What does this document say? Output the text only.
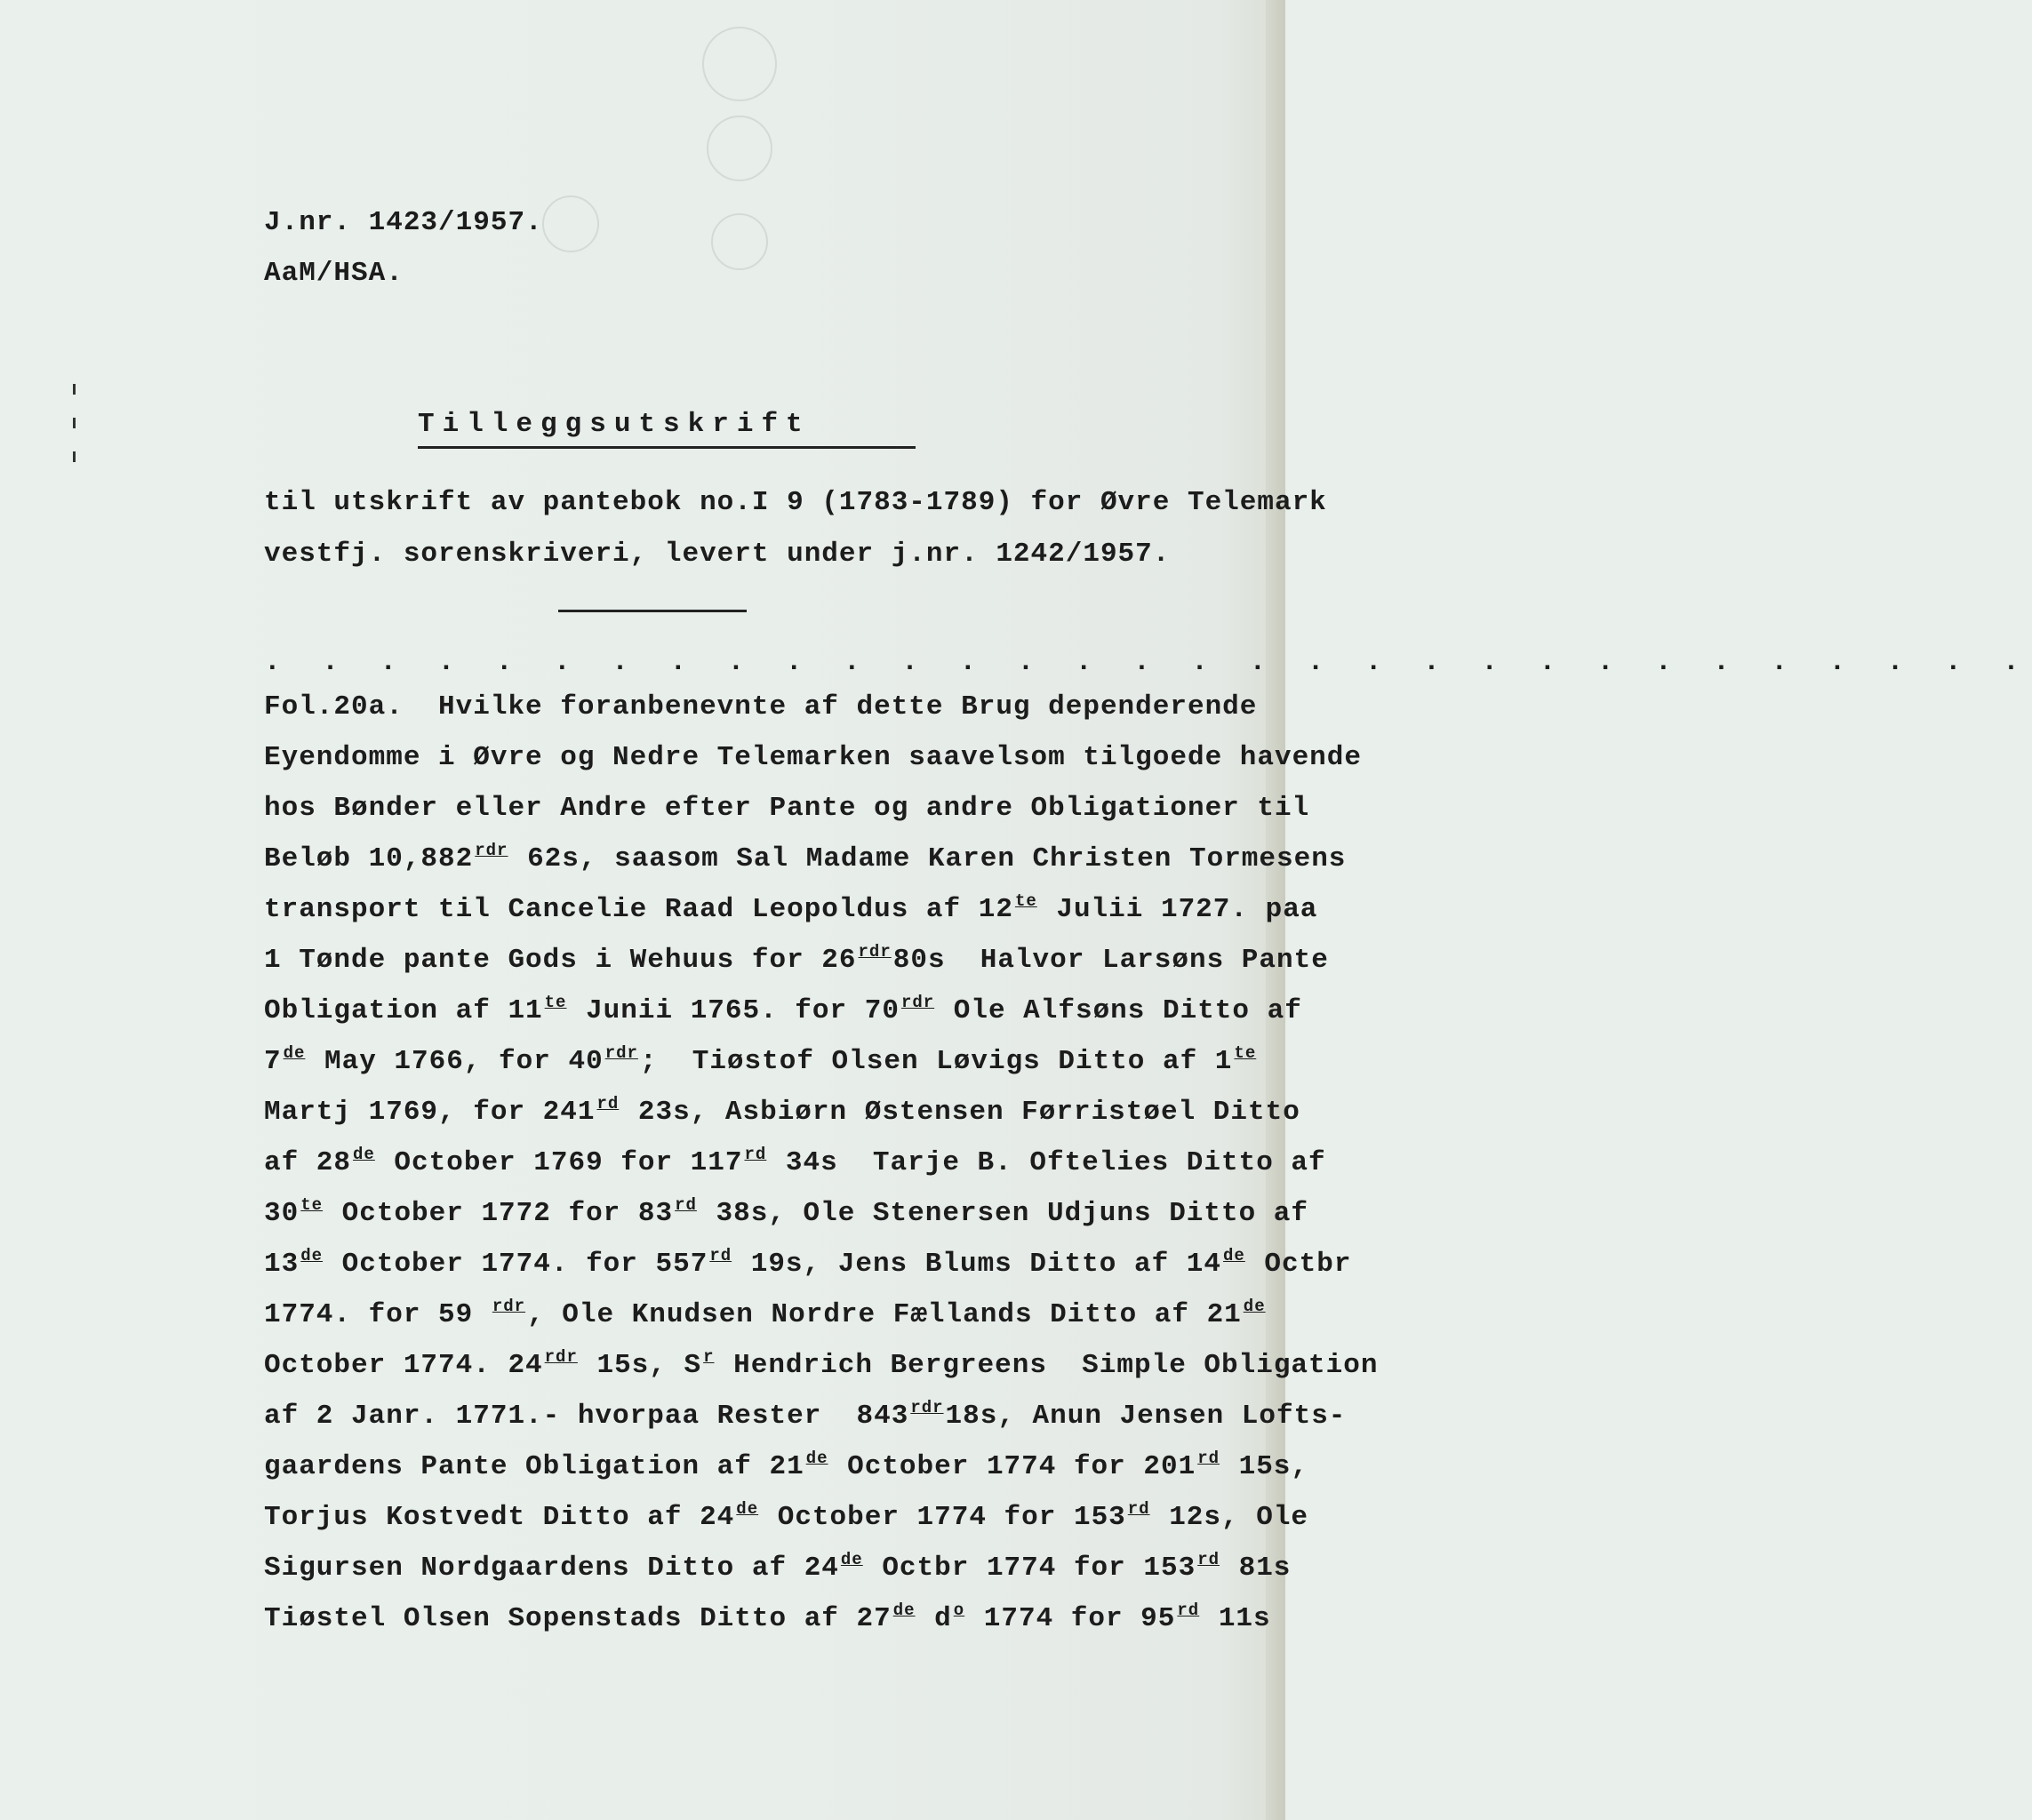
J.nr. 1423/1957.
AaM/HSA.
Tilleggsutskrift
til utskrift av pantebok no.I 9 (1783-1789) for Øvre Telemark
vestfj. sorenskriveri, levert under j.nr. 1242/1957.
. . . . . . . . . . . . . . . . . . . . . . . . . . . . . . .
Fol.20a.  Hvilke foranbenevnte af dette Brug dependerende
Eyendomme i Øvre og Nedre Telemarken saavelsom tilgoede havende
hos Bønder eller Andre efter Pante og andre Obligationer til
Beløb 10,882 $^{rdr}$ 62s, saasom Sal Madame Karen Christen Tormesens
transport til Cancelie Raad Leopoldus af 12 $^{te}$ Julii 1727. paa
1 Tønde pante Gods i Wehuus for 26 $^{rdr}$80s  Halvor Larsøns Pante
Obligation af 11 $^{te}$ Junii 1765. for 70 $^{rdr}$ Ole Alfsøns Ditto af
7 $^{de}$ May 1766, for 40 $^{rdr}$;  Tiøstof Olsen Løvigs Ditto af 1 $^{te}$
Martj 1769, for 241 $^{rd}$ 23s, Asbiørn Østensen Førristøel Ditto
af 28 $^{de}$ October 1769 for 117 $^{rd}$ 34s  Tarje B. Oftelies Ditto af
30 $^{te}$ October 1772 for 83 $^{rd}$ 38s, Ole Stenersen Udjuns Ditto af
13 $^{de}$ October 1774. for 557 $^{rd}$ 19s, Jens Blums Ditto af 14 $^{de}$ Octbr
1774. for 59 $^{rdr}$, Ole Knudsen Nordre Fællands Ditto af 21 $^{de}$
October 1774. 24 $^{rdr}$ 15s, S $^r$ Hendrich Bergreens  Simple Obligation
af 2 Janr. 1771.- hvorpaa Rester  843 $^{rdr}$18s, Anun Jensen Lofts-
gaardens Pante Obligation af 21 $^{de}$ October 1774 for 201 $^{rd}$ 15s,
Torjus Kostvedt Ditto af 24 $^{de}$ October 1774 for 153 $^{rd}$ 12s, Ole
Sigursen Nordgaardens Ditto af 24 $^{de}$ Octbr 1774 for 153 $^{rd}$ 81s
Tiøstel Olsen Sopenstads Ditto af 27 $^{de}$ d $^o$ 1774 for 95 $^{rd}$ 11s
